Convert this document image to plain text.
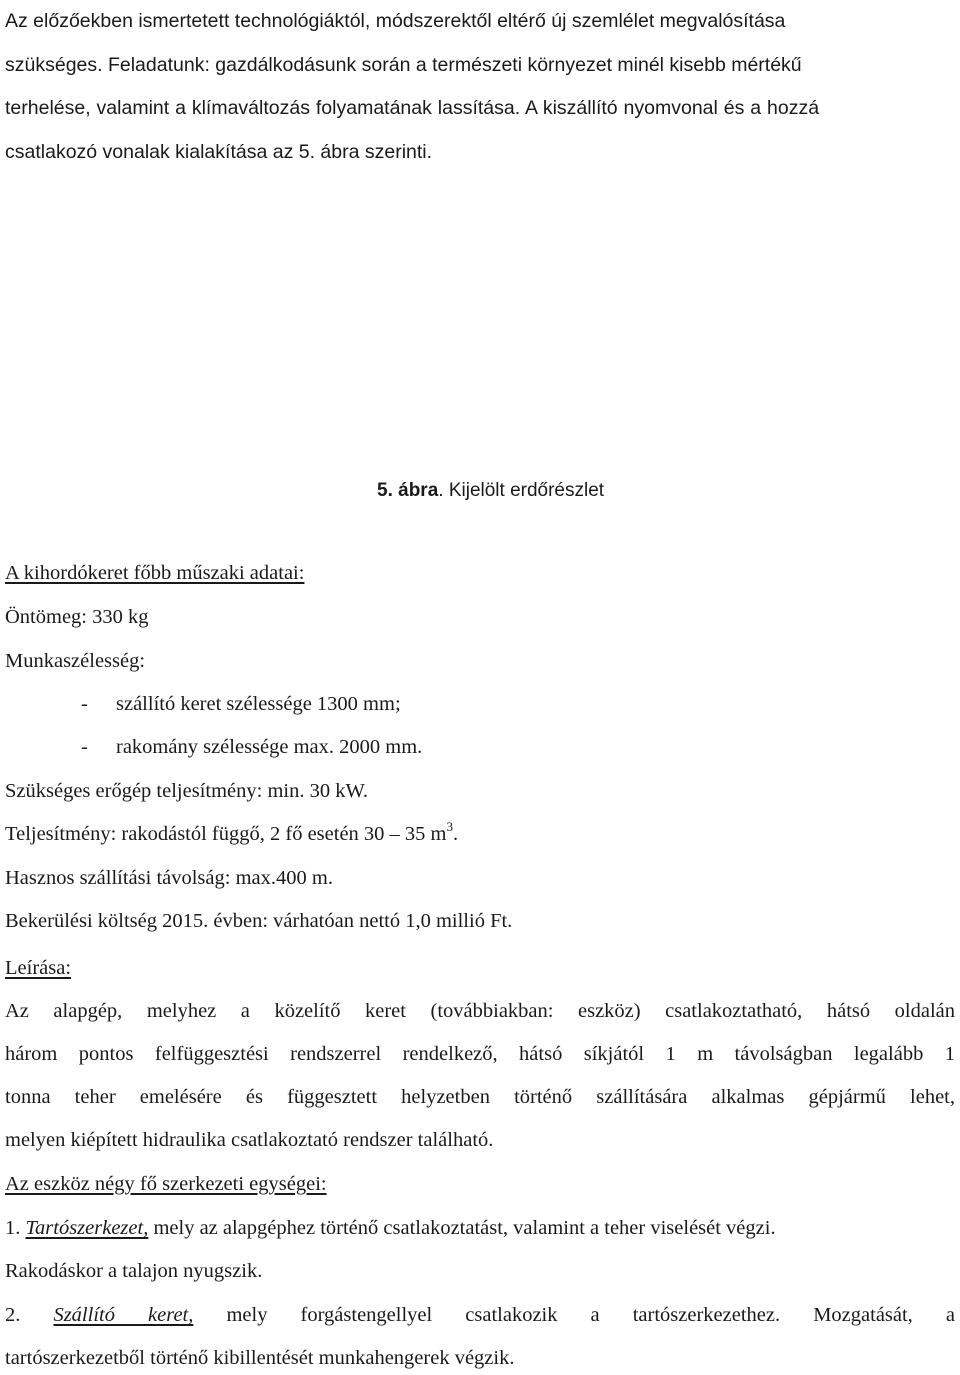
Az előzőekben ismertetett technológiáktól, módszerektől eltérő új szemlélet megvalósítása
szükséges. Feladatunk: gazdálkodásunk során a természeti környezet minél kisebb mértékű
terhelése, valamint a klímaváltozás folyamatának lassítása. A kiszállító nyomvonal és a hozzá
csatlakozó vonalak kialakítása az 5. ábra szerinti.
5. ábra. Kijelölt erdőrészlet
A kihordókeret főbb műszaki adatai:
Öntömeg: 330 kg
Munkaszélesség:
- szállító keret szélessége 1300 mm;
- rakomány szélessége max. 2000 mm.
Szükséges erőgép teljesítmény: min. 30 kW.
Teljesítmény: rakodástól függő, 2 fő esetén 30 – 35 $m^3$.
Hasznos szállítási távolság: max.400 m.
Bekerülési költség 2015. évben: várhatóan nettó 1,0 millió Ft.
Leírása:
Az alapgép, melyhez a közelítő keret (továbbiakban: eszköz) csatlakoztatható, hátsó oldalán
három pontos felfüggesztési rendszerrel rendelkező, hátsó síkjától 1 m távolságban legalább 1
tonna teher emelésére és függesztett helyzetben történő szállítására alkalmas gépjármű lehet,
melyen kiépített hidraulika csatlakoztató rendszer található.
Az eszköz négy fő szerkezeti egységei:
1. Tartószerkezet, mely az alapgéphez történő csatlakoztatást, valamint a teher viselését végzi.
Rakodáskor a talajon nyugszik.
2. Szállító keret, mely forgástengellyel csatlakozik a tartószerkezethez. Mozgatását, a
tartószerkezetből történő kibillentését munkahengerek végzik.
